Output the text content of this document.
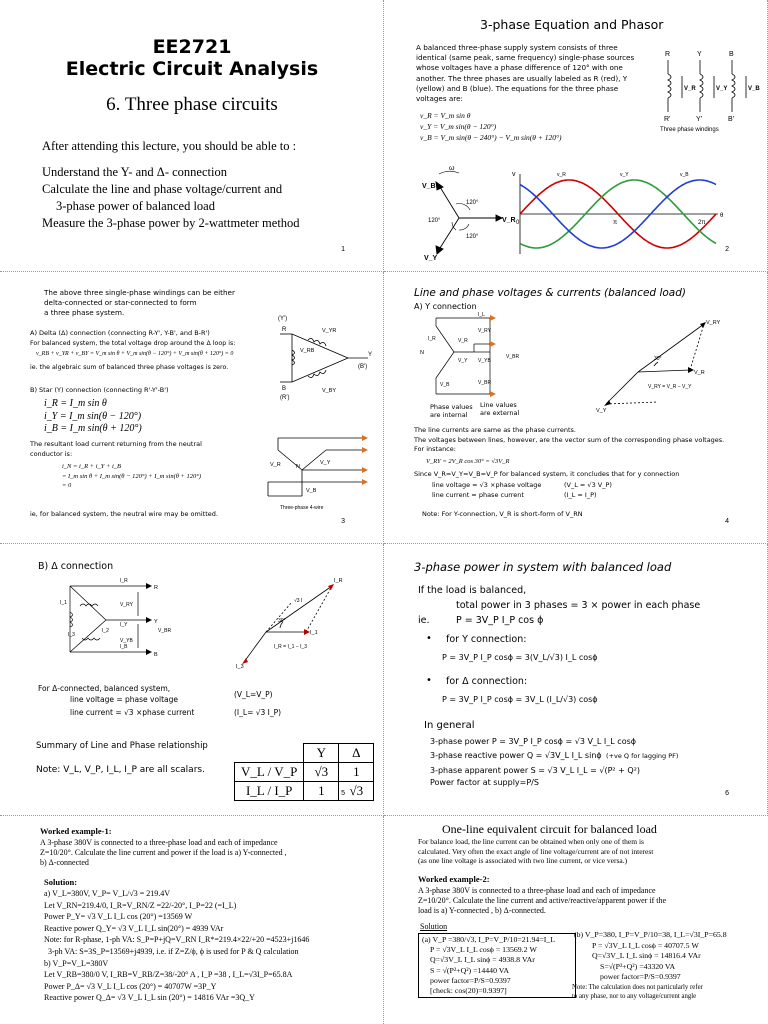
EE2721
Electric Circuit Analysis
6. Three phase circuits
After attending this lecture, you should be able to :
Understand the Y- and Δ- connection
Calculate the line and phase voltage/current and
3-phase power of balanced load
Measure the 3-phase power by 2-wattmeter method
1
3-phase Equation and Phasor
A balanced three-phase supply system consists of three
identical (same peak, same frequency) single-phase sources
whose voltages have a phase difference of 120° with one
another. The three phases are usually labeled as R (red), Y
(yellow) and B (blue). The equations for the three phase
voltages are:
v_R = V_m sin θ
v_Y = V_m sin(θ − 120°)
v_B = V_m sin(θ − 240°) − V_m sin(θ + 120°)
R	Y	B
R'	Y'	B'
V_R	V_Y	V_B
Three phase windings
ω
V_B
V_R
V_Y
120°
120°
120°
v	v_R	v_Y	v_B
0	π	2π
θ
2
The above three single-phase windings can be either
delta-connected or star-connected to form
a three phase system.
A) Delta (Δ) connection (connecting R-Y', Y-B', and B-R')
For balanced system, the total voltage drop around the Δ loop is:
v_RB + v_YR + v_BY = V_m sin θ + V_m sin(θ − 120°) + V_m sin(θ + 120°) = 0
ie. the algebraic sum of balanced three phase voltages is zero.
B) Star (Y) connection (connecting R'-Y'-B')
i_R = I_m sin θ
i_Y = I_m sin(θ − 120°)
i_B = I_m sin(θ + 120°)
The resultant load current returning from the neutral
conductor is:
i_N = i_R + i_Y + i_B
= I_m sin θ + I_m sin(θ − 120°) + I_m sin(θ + 120°)
= 0
ie, for balanced system, the neutral wire may be omitted.
(Y')
R	V_YR
V_RB
Y
(B')
B
(R')
V_BY
V_R	V_Y
N
V_B
Three-phase 4-wire
3
Line and phase voltages & currents (balanced load)
A) Y connection
I_R
I_L
V_RY
V_R
V_YB
V_BR
N
V_Y
V_B	V_BR
Phase values
are internal
Line values
are external
V_RY
V_R
30°
V_RY = V_R − V_Y
V_Y
The line currents are same as the phase currents.
The voltages between lines, however, are the vector sum of the corresponding phase voltages.
For instance:
V_RY = 2V_R cos 30° = √3V_R
Since V_R=V_Y=V_B=V_P for balanced system, it concludes that for y connection
line voltage = √3 ×phase voltage	(V_L = √3 V_P)
line current = phase current	(I_L = I_P)
Note: For Y-connection, V_R is short-form of V_RN
4
B) Δ connection
I_R
R
I_1	V_RY
I_Y	Y
V_BR
I_3
I_2
I_B
V_YB
B
I_R
√3 I
30°
I_1
I_R = I_1 − I_3
I_3
For Δ-connected, balanced system,
line voltage = phase voltage
(V_L=V_P)
line current = √3 ×phase current	(I_L= √3 I_P)
Summary of Line and Phase relationship
Note: V_L, V_P, I_L, I_P are all scalars.
	Y	Δ
V_L / V_P	√3	1
I_L / I_P	1	√3
5
3-phase power in system with balanced load
If the load is balanced,
total power in 3 phases = 3 × power in each phase
ie.	P = 3V_P I_P cos ϕ
• for Y connection:
P = 3V_P I_P cosϕ = 3(V_L/√3) I_L cosϕ
• for Δ connection:
P = 3V_P I_P cosϕ = 3V_L (I_L/√3) cosϕ
In general
3-phase power P = 3V_P I_P cosϕ = √3 V_L I_L cosϕ
3-phase reactive power Q = √3V_L I_L sinϕ (+ve Q for lagging PF)
3-phase apparent power S = √3 V_L I_L = √(P² + Q²)
Power factor at supply=P/S
6
Worked example-1:
A 3-phase 380V is connected to a three-phase load and each of impedance
Z=10/20°. Calculate the line current and power if the load is a) Y-connected ,
b) Δ-connected
Solution:
a) V_L=380V, V_P= V_L/√3 = 219.4V
Let V_RN=219.4/0, I_R=V_RN/Z =22/-20°, I_P=22 (=I_L)
Power P_Y= √3 V_L I_L cos (20°) =13569 W
Reactive power Q_Y= √3 V_L I_L sin(20°) = 4939 VAr
Note: for R-phase, 1-ph VA: S_P=P+jQ=V_RN I_R*=219.4×22/+20 =4523+j1646
3-ph VA: S=3S_P=13569+j4939, i.e. if Z=Z/ϕ, ϕ is used for P & Q calculation
b) V_P=V_L=380V
Let V_RB=380/0 V, I_RB=V_RB/Z=38/-20° A , I_P =38 , I_L=√3I_P=65.8A
Power P_Δ= √3 V_L I_L cos (20°) = 40707W =3P_Y
Reactive power Q_Δ= √3 V_L I_L sin (20°) = 14816 VAr =3Q_Y
One-line equivalent circuit for balanced load
For balance load, the line current can be obtained when only one of them is
calculated. Very often the exact angle of line voltage/current are of not interest
(as one line voltage is associated with two line current, or vice versa.)
Worked example-2:
A 3-phase 380V is connected to a three-phase load and each of impedance
Z=10/20°. Calculate the line current and active/reactive/apparent power if the
load is a) Y-connected , b) Δ-connected.
Solution
(a) V_P =380/√3, I_P=V_P/10=21.94=I_L
P = √3V_L I_L cosϕ = 13569.2 W
Q=√3V_L I_L sinϕ = 4938.8 VAr
S = √(P²+Q²) =14440 VA
power factor=P/S=0.9397
[check: cos(20)=0.9397]
(b) V_P=380, I_P=V_P/10=38, I_L=√3I_P=65.8
P = √3V_L I_L cosϕ = 40707.5 W
Q=√3V_L I_L sinϕ = 14816.4 VAr
S=√(P²+Q²) =43320 VA
power factor=P/S=0.9397
Note: The calculation does not particularly refer
to any phase, nor to any voltage/current angle
